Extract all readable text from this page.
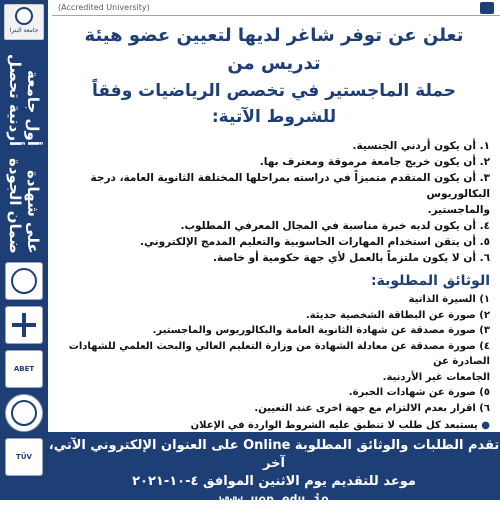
جامعة البترا
أول جامعة أردنية تحصل
على شهادة ضمان الجودة
ABET
TÜV
(Accredited University)
تعلن عن توفر شاغر لديها لتعيين عضو هيئة تدريس من
حملة الماجستير في تخصص الرياضيات وفقاً للشروط الآتية:
١. أن يكون أردني الجنسية.
٢. أن يكون خريج جامعة مرموقة ومعترف بها.
٣. أن يكون المتقدم متميزاً في دراسته بمراحلها المختلفة الثانوية العامة، درجة البكالوريوس
والماجستير.
٤. أن يكون لديه خبرة مناسبة في المجال المعرفي المطلوب.
٥. أن يتقن استخدام المهارات الحاسوبية والتعليم المدمج الإلكتروني.
٦. أن لا يكون ملتزماً بالعمل لأي جهة حكومية أو خاصة.
الوثائق المطلوبة:
١) السيرة الذاتية
٢) صورة عن البطاقة الشخصية حديثة.
٣) صورة مصدقة عن شهادة الثانوية العامة والبكالوريوس والماجستير.
٤) صورة مصدقة عن معادلة الشهادة من وزارة التعليم العالي والبحث العلمي للشهادات الصادرة عن
الجامعات غير الأردنية.
٥) صورة عن شهادات الخبرة.
٦) اقرار بعدم الالتزام مع جهة اخرى عند التعيين.
● يستبعد كل طلب لا تنطبق عليه الشروط الواردة في الإعلان
تقدم الطلبات والوثائق المطلوبة Online على العنوان الإلكتروني الآتي، آخر
موعد للتقديم يوم الاثنين الموافق ٤-١٠-٢٠٢١
www.uop.edu.jo
